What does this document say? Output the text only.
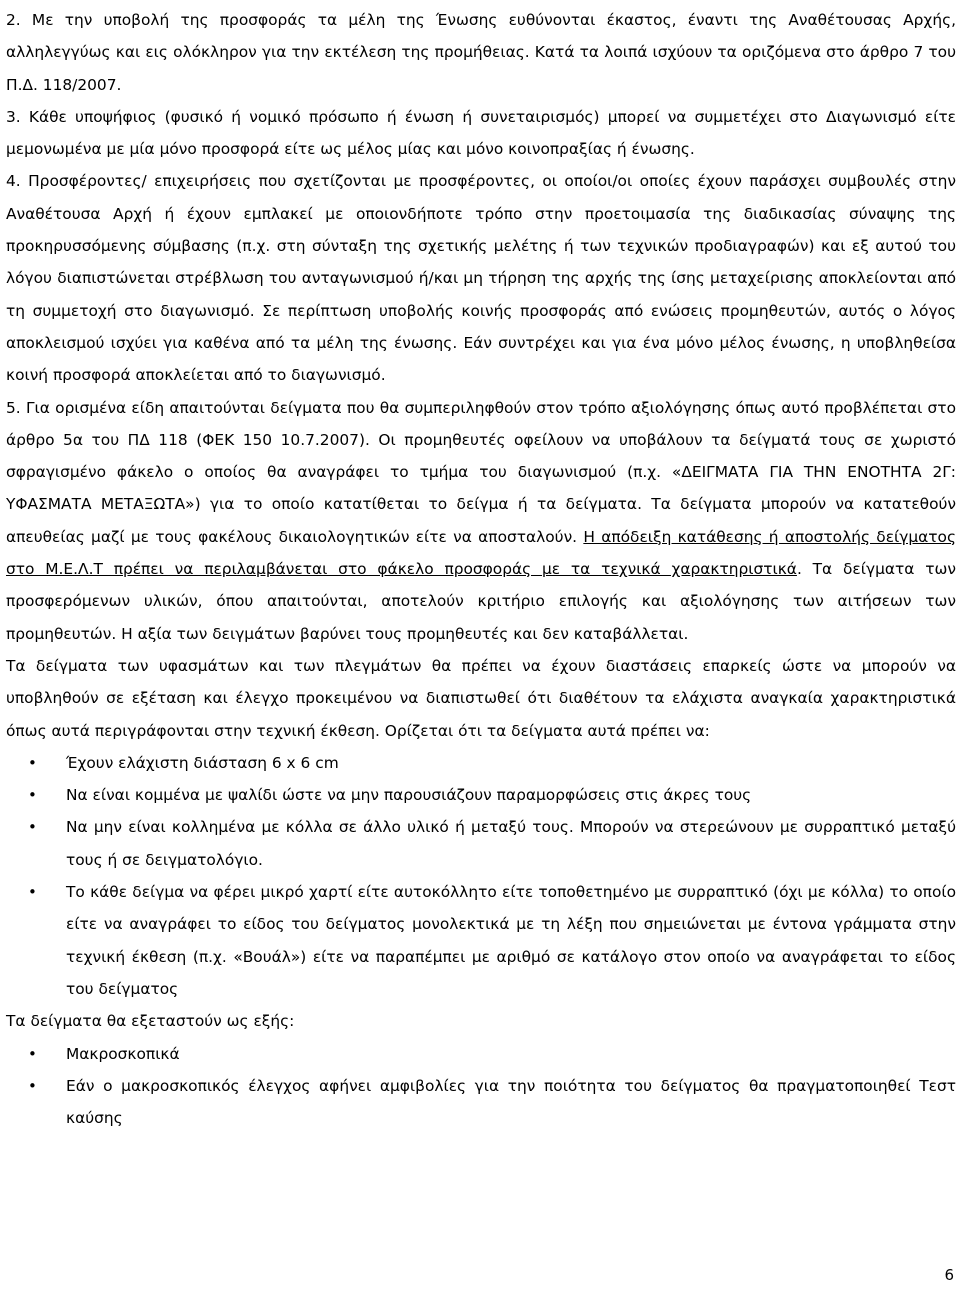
2. Με την υποβολή της προσφοράς τα μέλη της Ένωσης ευθύνονται έκαστος, έναντι της Αναθέτουσας Αρχής, αλληλεγγύως και εις ολόκληρον για την εκτέλεση της προμήθειας. Κατά τα λοιπά ισχύουν τα οριζόμενα στο άρθρο 7 του Π.Δ. 118/2007.

3. Κάθε υποψήφιος (φυσικό ή νομικό πρόσωπο ή ένωση ή συνεταιρισμός) μπορεί να συμμετέχει στο Διαγωνισμό είτε μεμονωμένα με μία μόνο προσφορά είτε ως μέλος μίας και μόνο κοινοπραξίας ή ένωσης.

4. Προσφέροντες/ επιχειρήσεις που σχετίζονται με προσφέροντες, οι οποίοι/οι οποίες έχουν παράσχει συμβουλές στην Αναθέτουσα Αρχή ή έχουν εμπλακεί με οποιονδήποτε τρόπο στην προετοιμασία της διαδικασίας σύναψης της προκηρυσσόμενης σύμβασης (π.χ. στη σύνταξη της σχετικής μελέτης ή των τεχνικών προδιαγραφών) και εξ αυτού του λόγου διαπιστώνεται στρέβλωση του ανταγωνισμού ή/και μη τήρηση της αρχής της ίσης μεταχείρισης αποκλείονται από τη συμμετοχή στο διαγωνισμό. Σε περίπτωση υποβολής κοινής προσφοράς από ενώσεις προμηθευτών, αυτός ο λόγος αποκλεισμού ισχύει για καθένα από τα μέλη της ένωσης. Εάν συντρέχει και για ένα μόνο μέλος ένωσης, η υποβληθείσα κοινή προσφορά αποκλείεται από το διαγωνισμό.

5. Για ορισμένα είδη απαιτούνται δείγματα που θα συμπεριληφθούν στον τρόπο αξιολόγησης όπως αυτό προβλέπεται στο άρθρο 5α του ΠΔ 118 (ΦΕΚ 150 10.7.2007). Οι προμηθευτές οφείλουν να υποβάλουν τα δείγματά τους σε χωριστό σφραγισμένο φάκελο ο οποίος θα αναγράφει το τμήμα του διαγωνισμού (π.χ. «ΔΕΙΓΜΑΤΑ ΓΙΑ ΤΗΝ ΕΝΟΤΗΤΑ 2Γ: ΥΦΑΣΜΑΤΑ ΜΕΤΑΞΩΤΑ») για το οποίο κατατίθεται το δείγμα ή τα δείγματα. Τα δείγματα μπορούν να κατατεθούν απευθείας μαζί με τους φακέλους δικαιολογητικών είτε να αποσταλούν. Η απόδειξη κατάθεσης ή αποστολής δείγματος στο Μ.Ε.Λ.Τ πρέπει να περιλαμβάνεται στο φάκελο προσφοράς με τα τεχνικά χαρακτηριστικά. Τα δείγματα των προσφερόμενων υλικών, όπου απαιτούνται, αποτελούν κριτήριο επιλογής και αξιολόγησης των αιτήσεων των προμηθευτών. Η αξία των δειγμάτων βαρύνει τους προμηθευτές και δεν καταβάλλεται.

Τα δείγματα των υφασμάτων και των πλεγμάτων θα πρέπει να έχουν διαστάσεις επαρκείς ώστε να μπορούν να υποβληθούν σε εξέταση και έλεγχο προκειμένου να διαπιστωθεί ότι διαθέτουν τα ελάχιστα αναγκαία χαρακτηριστικά όπως αυτά περιγράφονται στην τεχνική έκθεση. Ορίζεται ότι τα δείγματα αυτά πρέπει να:

• Έχουν ελάχιστη διάσταση 6 x 6 cm
• Να είναι κομμένα με ψαλίδι ώστε να μην παρουσιάζουν παραμορφώσεις στις άκρες τους
• Να μην είναι κολλημένα με κόλλα σε άλλο υλικό ή μεταξύ τους. Μπορούν να στερεώνουν με συρραπτικό μεταξύ τους ή σε δειγματολόγιο.
• Το κάθε δείγμα να φέρει μικρό χαρτί είτε αυτοκόλλητο είτε τοποθετημένο με συρραπτικό (όχι με κόλλα) το οποίο είτε να αναγράφει το είδος του δείγματος μονολεκτικά με τη λέξη που σημειώνεται με έντονα γράμματα στην τεχνική έκθεση (π.χ. «Βουάλ») είτε να παραπέμπει με αριθμό σε κατάλογο στον οποίο να αναγράφεται το είδος του δείγματος

Τα δείγματα θα εξεταστούν ως εξής:

• Μακροσκοπικά
• Εάν ο μακροσκοπικός έλεγχος αφήνει αμφιβολίες για την ποιότητα του δείγματος θα πραγματοποιηθεί Τεστ καύσης
6
